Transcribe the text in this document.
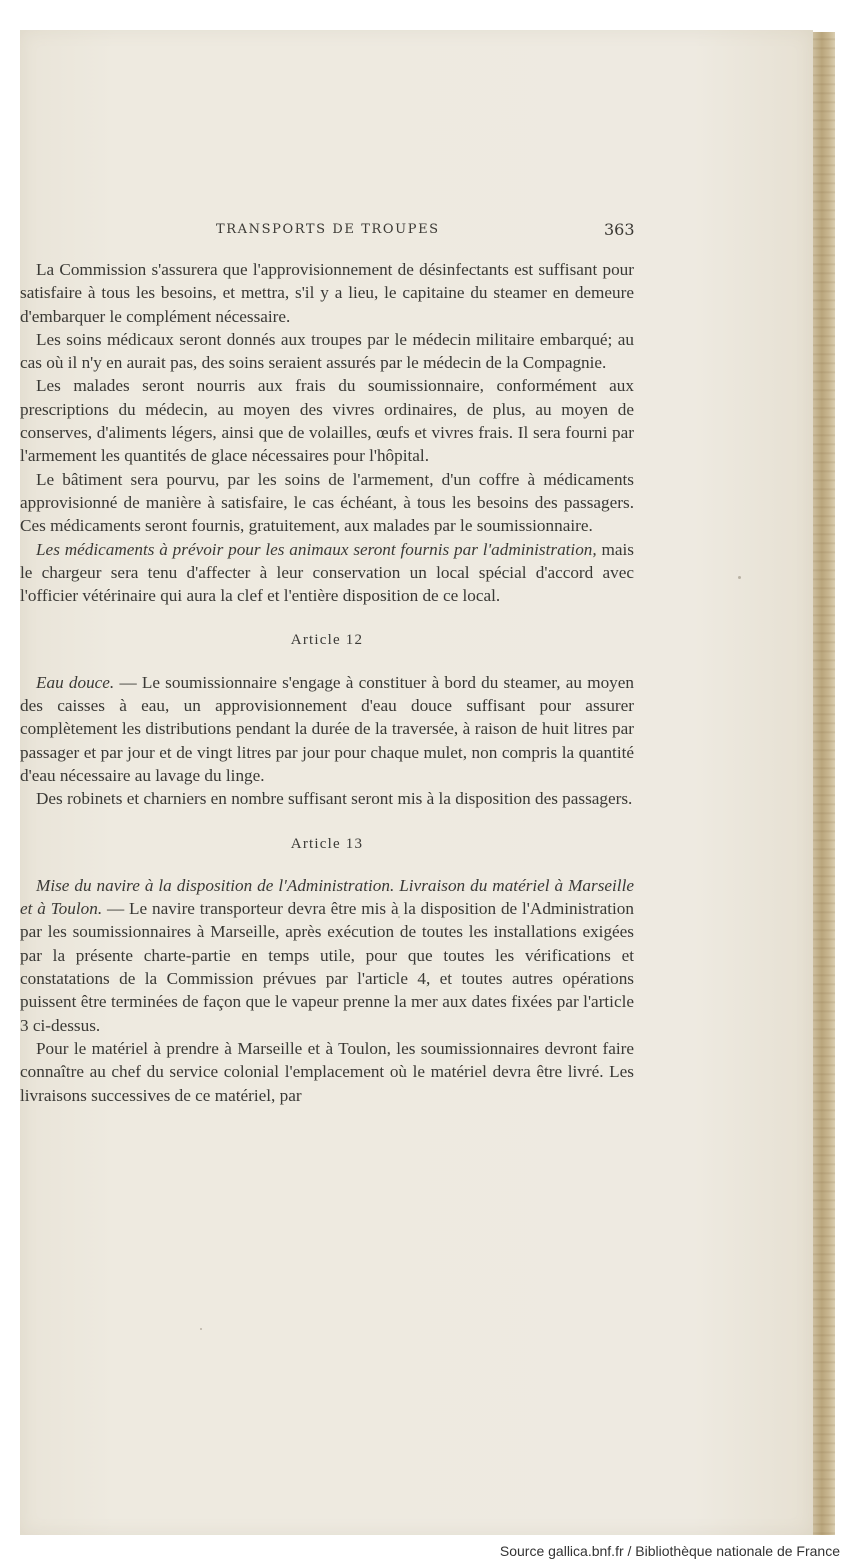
TRANSPORTS DE TROUPES	363

La Commission s'assurera que l'approvisionnement de désinfectants est suffisant pour satisfaire à tous les besoins, et mettra, s'il y a lieu, le capitaine du steamer en demeure d'embarquer le complément nécessaire.

Les soins médicaux seront donnés aux troupes par le médecin militaire embarqué; au cas où il n'y en aurait pas, des soins seraient assurés par le médecin de la Compagnie.

Les malades seront nourris aux frais du soumissionnaire, conformément aux prescriptions du médecin, au moyen des vivres ordinaires, de plus, au moyen de conserves, d'aliments légers, ainsi que de volailles, œufs et vivres frais. Il sera fourni par l'armement les quantités de glace nécessaires pour l'hôpital.

Le bâtiment sera pourvu, par les soins de l'armement, d'un coffre à médicaments approvisionné de manière à satisfaire, le cas échéant, à tous les besoins des passagers. Ces médicaments seront fournis, gratuitement, aux malades par le soumissionnaire.

Les médicaments à prévoir pour les animaux seront fournis par l'administration, mais le chargeur sera tenu d'affecter à leur conservation un local spécial d'accord avec l'officier vétérinaire qui aura la clef et l'entière disposition de ce local.

Article 12

Eau douce. — Le soumissionnaire s'engage à constituer à bord du steamer, au moyen des caisses à eau, un approvisionnement d'eau douce suffisant pour assurer complètement les distributions pendant la durée de la traversée, à raison de huit litres par passager et par jour et de vingt litres par jour pour chaque mulet, non compris la quantité d'eau nécessaire au lavage du linge.

Des robinets et charniers en nombre suffisant seront mis à la disposition des passagers.

Article 13

Mise du navire à la disposition de l'Administration. Livraison du matériel à Marseille et à Toulon. — Le navire transporteur devra être mis à la disposition de l'Administration par les soumissionnaires à Marseille, après exécution de toutes les installations exigées par la présente charte-partie en temps utile, pour que toutes les vérifications et constatations de la Commission prévues par l'article 4, et toutes autres opérations puissent être terminées de façon que le vapeur prenne la mer aux dates fixées par l'article 3 ci-dessus.

Pour le matériel à prendre à Marseille et à Toulon, les soumissionnaires devront faire connaître au chef du service colonial l'emplacement où le matériel devra être livré. Les livraisons successives de ce matériel, par

Source gallica.bnf.fr / Bibliothèque nationale de France
